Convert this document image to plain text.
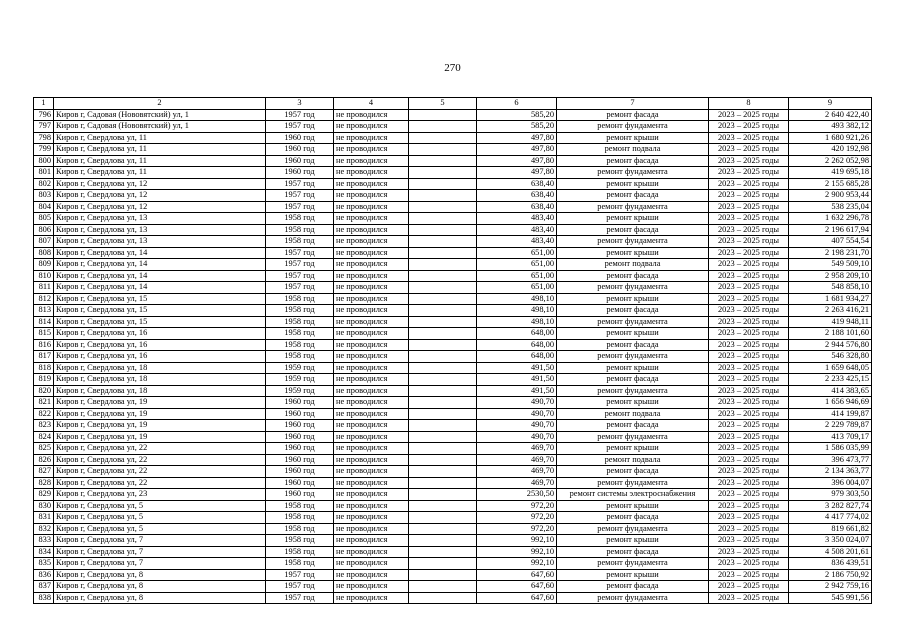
270
1	2	3	4	5	6	7	8	9
796	Киров г, Садовая (Нововятский) ул, 1	1957 год	не проводился		585,20	ремонт фасада	2023 – 2025 годы	2 640 422,40
797	Киров г, Садовая (Нововятский) ул, 1	1957 год	не проводился		585,20	ремонт фундамента	2023 – 2025 годы	493 382,12
798	Киров г, Свердлова ул, 11	1960 год	не проводился		497,80	ремонт крыши	2023 – 2025 годы	1 680 921,26
799	Киров г, Свердлова ул, 11	1960 год	не проводился		497,80	ремонт подвала	2023 – 2025 годы	420 192,98
800	Киров г, Свердлова ул, 11	1960 год	не проводился		497,80	ремонт фасада	2023 – 2025 годы	2 262 052,98
801	Киров г, Свердлова ул, 11	1960 год	не проводился		497,80	ремонт фундамента	2023 – 2025 годы	419 695,18
802	Киров г, Свердлова ул, 12	1957 год	не проводился		638,40	ремонт крыши	2023 – 2025 годы	2 155 685,28
803	Киров г, Свердлова ул, 12	1957 год	не проводился		638,40	ремонт фасада	2023 – 2025 годы	2 900 953,44
804	Киров г, Свердлова ул, 12	1957 год	не проводился		638,40	ремонт фундамента	2023 – 2025 годы	538 235,04
805	Киров г, Свердлова ул, 13	1958 год	не проводился		483,40	ремонт крыши	2023 – 2025 годы	1 632 296,78
806	Киров г, Свердлова ул, 13	1958 год	не проводился		483,40	ремонт фасада	2023 – 2025 годы	2 196 617,94
807	Киров г, Свердлова ул, 13	1958 год	не проводился		483,40	ремонт фундамента	2023 – 2025 годы	407 554,54
808	Киров г, Свердлова ул, 14	1957 год	не проводился		651,00	ремонт крыши	2023 – 2025 годы	2 198 231,70
809	Киров г, Свердлова ул, 14	1957 год	не проводился		651,00	ремонт подвала	2023 – 2025 годы	549 509,10
810	Киров г, Свердлова ул, 14	1957 год	не проводился		651,00	ремонт фасада	2023 – 2025 годы	2 958 209,10
811	Киров г, Свердлова ул, 14	1957 год	не проводился		651,00	ремонт фундамента	2023 – 2025 годы	548 858,10
812	Киров г, Свердлова ул, 15	1958 год	не проводился		498,10	ремонт крыши	2023 – 2025 годы	1 681 934,27
813	Киров г, Свердлова ул, 15	1958 год	не проводился		498,10	ремонт фасада	2023 – 2025 годы	2 263 416,21
814	Киров г, Свердлова ул, 15	1958 год	не проводился		498,10	ремонт фундамента	2023 – 2025 годы	419 948,11
815	Киров г, Свердлова ул, 16	1958 год	не проводился		648,00	ремонт крыши	2023 – 2025 годы	2 188 101,60
816	Киров г, Свердлова ул, 16	1958 год	не проводился		648,00	ремонт фасада	2023 – 2025 годы	2 944 576,80
817	Киров г, Свердлова ул, 16	1958 год	не проводился		648,00	ремонт фундамента	2023 – 2025 годы	546 328,80
818	Киров г, Свердлова ул, 18	1959 год	не проводился		491,50	ремонт крыши	2023 – 2025 годы	1 659 648,05
819	Киров г, Свердлова ул, 18	1959 год	не проводился		491,50	ремонт фасада	2023 – 2025 годы	2 233 425,15
820	Киров г, Свердлова ул, 18	1959 год	не проводился		491,50	ремонт фундамента	2023 – 2025 годы	414 383,65
821	Киров г, Свердлова ул, 19	1960 год	не проводился		490,70	ремонт крыши	2023 – 2025 годы	1 656 946,69
822	Киров г, Свердлова ул, 19	1960 год	не проводился		490,70	ремонт подвала	2023 – 2025 годы	414 199,87
823	Киров г, Свердлова ул, 19	1960 год	не проводился		490,70	ремонт фасада	2023 – 2025 годы	2 229 789,87
824	Киров г, Свердлова ул, 19	1960 год	не проводился		490,70	ремонт фундамента	2023 – 2025 годы	413 709,17
825	Киров г, Свердлова ул, 22	1960 год	не проводился		469,70	ремонт крыши	2023 – 2025 годы	1 586 035,99
826	Киров г, Свердлова ул, 22	1960 год	не проводился		469,70	ремонт подвала	2023 – 2025 годы	396 473,77
827	Киров г, Свердлова ул, 22	1960 год	не проводился		469,70	ремонт фасада	2023 – 2025 годы	2 134 363,77
828	Киров г, Свердлова ул, 22	1960 год	не проводился		469,70	ремонт фундамента	2023 – 2025 годы	396 004,07
829	Киров г, Свердлова ул, 23	1960 год	не проводился		2530,50	ремонт системы электроснабжения	2023 – 2025 годы	979 303,50
830	Киров г, Свердлова ул, 5	1958 год	не проводился		972,20	ремонт крыши	2023 – 2025 годы	3 282 827,74
831	Киров г, Свердлова ул, 5	1958 год	не проводился		972,20	ремонт фасада	2023 – 2025 годы	4 417 774,02
832	Киров г, Свердлова ул, 5	1958 год	не проводился		972,20	ремонт фундамента	2023 – 2025 годы	819 661,82
833	Киров г, Свердлова ул, 7	1958 год	не проводился		992,10	ремонт крыши	2023 – 2025 годы	3 350 024,07
834	Киров г, Свердлова ул, 7	1958 год	не проводился		992,10	ремонт фасада	2023 – 2025 годы	4 508 201,61
835	Киров г, Свердлова ул, 7	1958 год	не проводился		992,10	ремонт фундамента	2023 – 2025 годы	836 439,51
836	Киров г, Свердлова ул, 8	1957 год	не проводился		647,60	ремонт крыши	2023 – 2025 годы	2 186 750,92
837	Киров г, Свердлова ул, 8	1957 год	не проводился		647,60	ремонт фасада	2023 – 2025 годы	2 942 759,16
838	Киров г, Свердлова ул, 8	1957 год	не проводился		647,60	ремонт фундамента	2023 – 2025 годы	545 991,56
